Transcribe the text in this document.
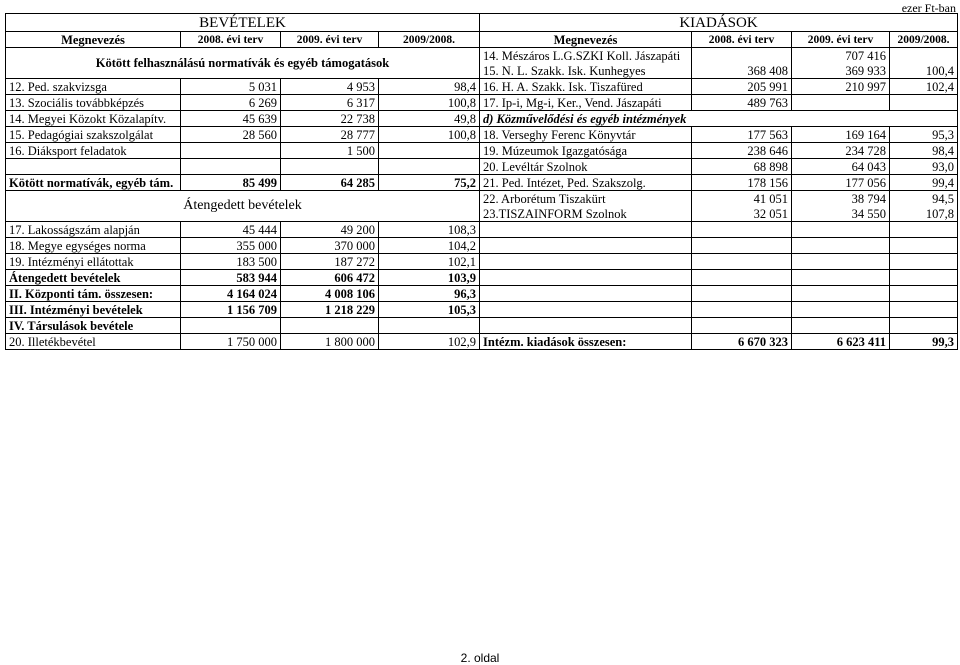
ezer Ft-ban
BEVÉTELEK				KIADÁSOK			
Megnevezés	2008. évi terv	2009. évi terv	2009/2008.	Megnevezés	2008. évi terv	2009. évi terv	2009/2008.
Kötött felhasználású normatívák és egyéb támogatások				14. Mészáros L.G.SZKI Koll. Jászapáti		707 416	
				15. N. L. Szakk. Isk. Kunhegyes	368 408	369 933	100,4
12. Ped. szakvizsga	5 031	4 953	98,4	16. H. A. Szakk. Isk. Tiszafüred	205 991	210 997	102,4
13. Szociális továbbképzés	6 269	6 317	100,8	17. Ip-i, Mg-i, Ker., Vend. Jászapáti	489 763		
14. Megyei Közokt Közalapítv.	45 639	22 738	49,8	d) Közművelődési és egyéb intézmények			
15. Pedagógiai szakszolgálat	28 560	28 777	100,8	18. Verseghy Ferenc Könyvtár	177 563	169 164	95,3
16. Diáksport feladatok		1 500		19. Múzeumok Igazgatósága	238 646	234 728	98,4
				20. Levéltár Szolnok	68 898	64 043	93,0
Kötött normatívák, egyéb tám.	85 499	64 285	75,2	21. Ped. Intézet, Ped. Szakszolg.	178 156	177 056	99,4
Átengedett bevételek				22. Arborétum Tiszakürt	41 051	38 794	94,5
				23.TISZAINFORM Szolnok	32 051	34 550	107,8
17. Lakosságszám alapján	45 444	49 200	108,3				
18. Megye egységes norma	355 000	370 000	104,2				
19. Intézményi ellátottak	183 500	187 272	102,1				
Átengedett bevételek	583 944	606 472	103,9				
II. Központi tám. összesen:	4 164 024	4 008 106	96,3				
III. Intézményi bevételek	1 156 709	1 218 229	105,3				
IV. Társulások bevétele							
20. Illetékbevétel	1 750 000	1 800 000	102,9	Intézm. kiadások összesen:	6 670 323	6 623 411	99,3
2. oldal
